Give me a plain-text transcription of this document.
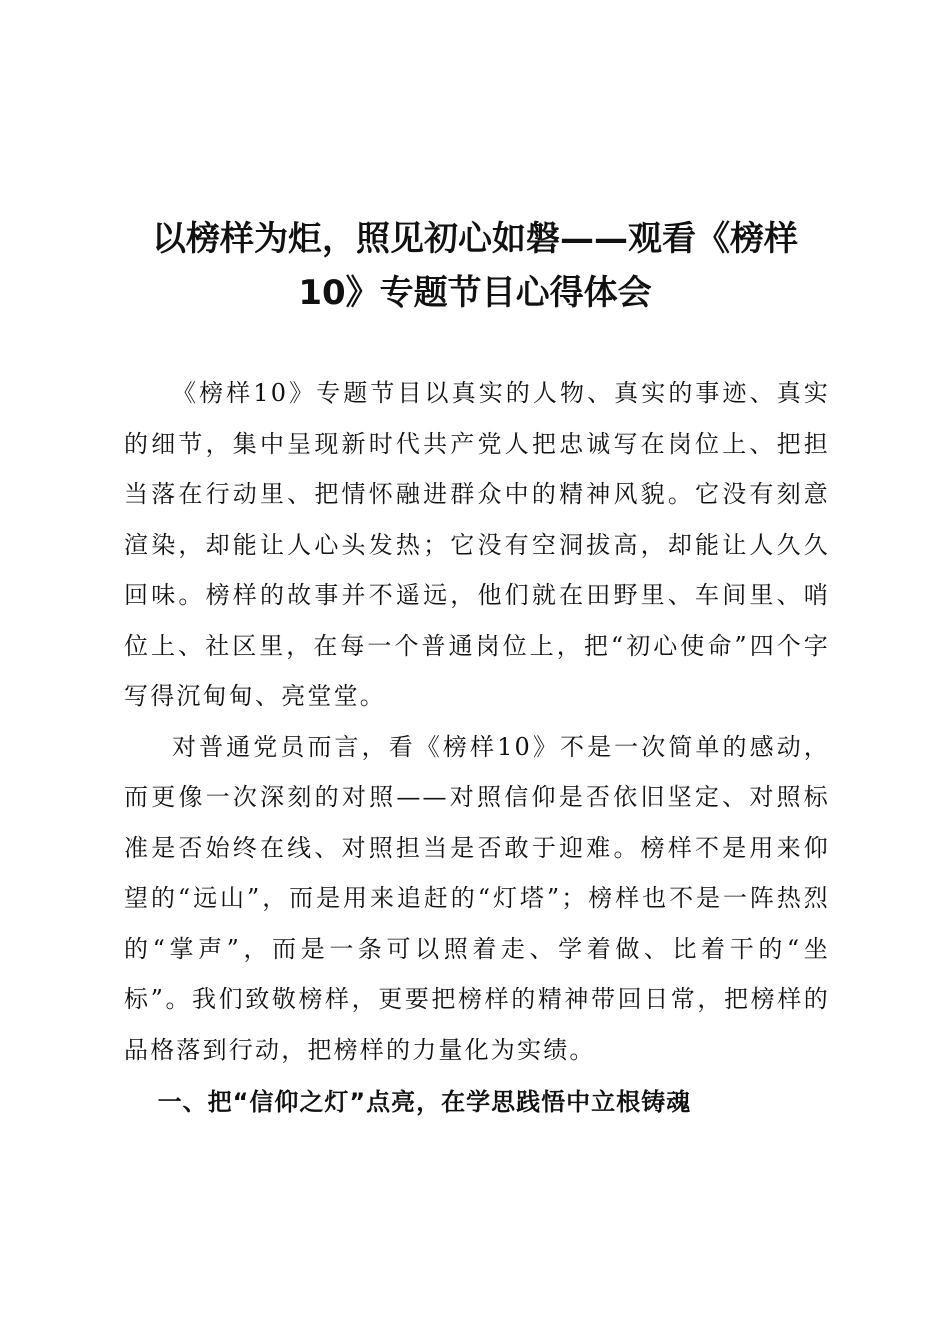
以榜样为炬，照见初心如磐——观看《榜样
10》专题节目心得体会

《榜样10》专题节目以真实的人物、真实的事迹、真实的细节，集中呈现新时代共产党人把忠诚写在岗位上、把担当落在行动里、把情怀融进群众中的精神风貌。它没有刻意渲染，却能让人心头发热；它没有空洞拔高，却能让人久久回味。榜样的故事并不遥远，他们就在田野里、车间里、哨位上、社区里，在每一个普通岗位上，把“初心使命”四个字写得沉甸甸、亮堂堂。

对普通党员而言，看《榜样10》不是一次简单的感动，而更像一次深刻的对照——对照信仰是否依旧坚定、对照标准是否始终在线、对照担当是否敢于迎难。榜样不是用来仰望的“远山”，而是用来追赶的“灯塔”；榜样也不是一阵热烈的“掌声”，而是一条可以照着走、学着做、比着干的“坐标”。我们致敬榜样，更要把榜样的精神带回日常，把榜样的品格落到行动，把榜样的力量化为实绩。

一、把“信仰之灯”点亮，在学思践悟中立根铸魂
